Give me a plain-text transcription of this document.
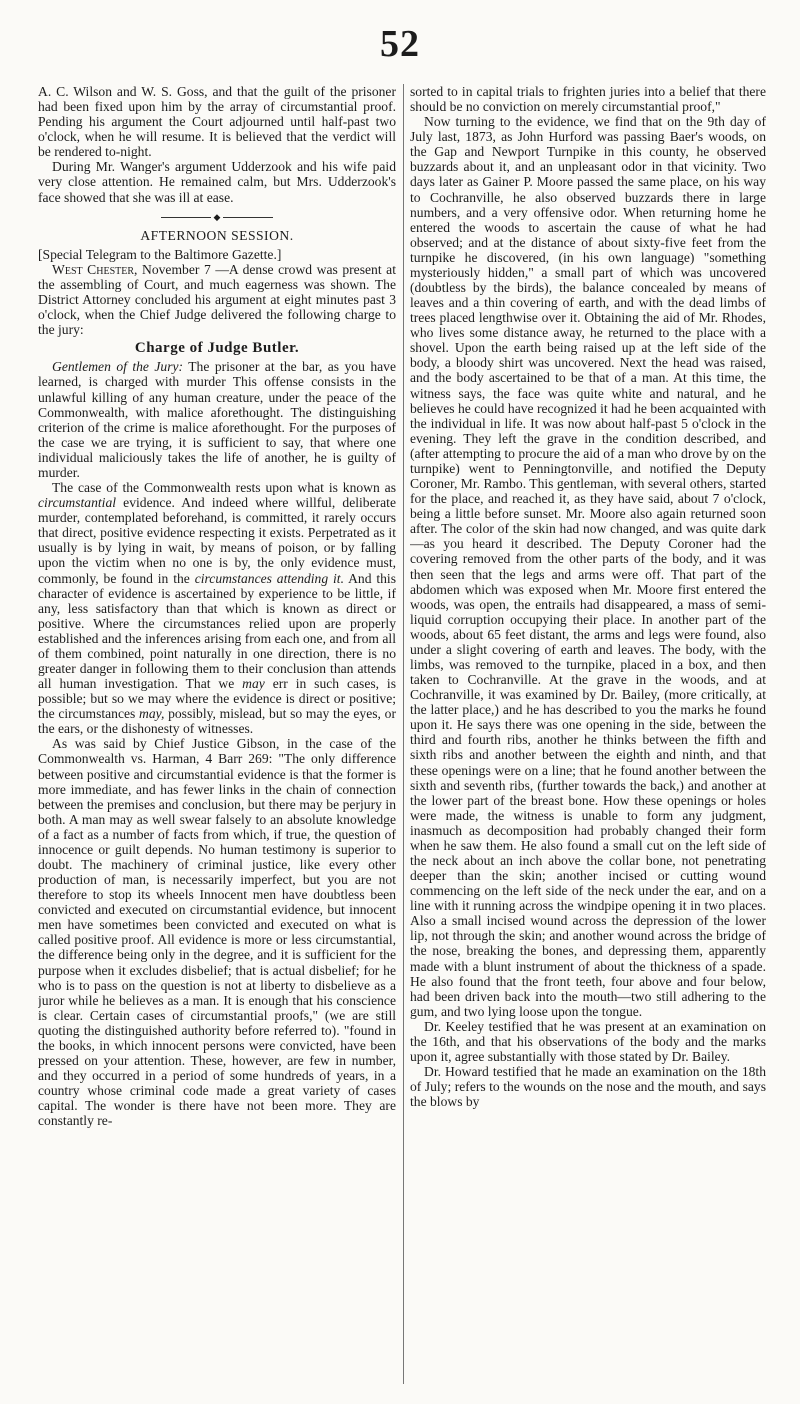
52

A. C. Wilson and W. S. Goss, and that the guilt of the prisoner had been fixed upon him by the array of circumstantial proof. Pending his argument the Court adjourned until half-past two o'clock, when he will resume. It is believed that the verdict will be rendered to-night.

During Mr. Wanger's argument Udderzook and his wife paid very close attention. He remained calm, but Mrs. Udderzook's face showed that she was ill at ease.

◆
AFTERNOON SESSION.

[Special Telegram to the Baltimore Gazette.]

West Chester, November 7 —A dense crowd was present at the assembling of Court, and much eagerness was shown. The District Attorney concluded his argument at eight minutes past 3 o'clock, when the Chief Judge delivered the following charge to the jury:

Charge of Judge Butler.

Gentlemen of the Jury: The prisoner at the bar, as you have learned, is charged with murder This offense consists in the unlawful killing of any human creature, under the peace of the Commonwealth, with malice aforethought. The distinguishing criterion of the crime is malice aforethought. For the purposes of the case we are trying, it is sufficient to say, that where one individual maliciously takes the life of another, he is guilty of murder.

The case of the Commonwealth rests upon what is known as circumstantial evidence. And indeed where willful, deliberate murder, contemplated beforehand, is committed, it rarely occurs that direct, positive evidence respecting it exists. Perpetrated as it usually is by lying in wait, by means of poison, or by falling upon the victim when no one is by, the only evidence must, commonly, be found in the circumstances attending it. And this character of evidence is ascertained by experience to be little, if any, less satisfactory than that which is known as direct or positive. Where the circumstances relied upon are properly established and the inferences arising from each one, and from all of them combined, point naturally in one direction, there is no greater danger in following them to their conclusion than attends all human investigation. That we may err in such cases, is possible; but so we may where the evidence is direct or positive; the circumstances may, possibly, mislead, but so may the eyes, or the ears, or the dishonesty of witnesses.

As was said by Chief Justice Gibson, in the case of the Commonwealth vs. Harman, 4 Barr 269: "The only difference between positive and circumstantial evidence is that the former is more immediate, and has fewer links in the chain of connection between the premises and conclusion, but there may be perjury in both. A man may as well swear falsely to an absolute knowledge of a fact as a number of facts from which, if true, the question of innocence or guilt depends. No human testimony is superior to doubt. The machinery of criminal justice, like every other production of man, is necessarily imperfect, but you are not therefore to stop its wheels Innocent men have doubtless been convicted and executed on circumstantial evidence, but innocent men have sometimes been convicted and executed on what is called positive proof. All evidence is more or less circumstantial, the difference being only in the degree, and it is sufficient for the purpose when it excludes disbelief; that is actual disbelief; for he who is to pass on the question is not at liberty to disbelieve as a juror while he believes as a man. It is enough that his conscience is clear. Certain cases of circumstantial proofs," (we are still quoting the distinguished authority before referred to). "found in the books, in which innocent persons were convicted, have been pressed on your attention. These, however, are few in number, and they occurred in a period of some hundreds of years, in a country whose criminal code made a great variety of cases capital. The wonder is there have not been more. They are constantly re-

sorted to in capital trials to frighten juries into a belief that there should be no conviction on merely circumstantial proof,"

Now turning to the evidence, we find that on the 9th day of July last, 1873, as John Hurford was passing Baer's woods, on the Gap and Newport Turnpike in this county, he observed buzzards about it, and an unpleasant odor in that vicinity. Two days later as Gainer P. Moore passed the same place, on his way to Cochranville, he also observed buzzards there in large numbers, and a very offensive odor. When returning home he entered the woods to ascertain the cause of what he had observed; and at the distance of about sixty-five feet from the turnpike he discovered, (in his own language) "something mysteriously hidden," a small part of which was uncovered (doubtless by the birds), the balance concealed by means of leaves and a thin covering of earth, and with the dead limbs of trees placed lengthwise over it. Obtaining the aid of Mr. Rhodes, who lives some distance away, he returned to the place with a shovel. Upon the earth being raised up at the left side of the body, a bloody shirt was uncovered. Next the head was raised, and the body ascertained to be that of a man. At this time, the witness says, the face was quite white and natural, and he believes he could have recognized it had he been acquainted with the individual in life. It was now about half-past 5 o'clock in the evening. They left the grave in the condition described, and (after attempting to procure the aid of a man who drove by on the turnpike) went to Penningtonville, and notified the Deputy Coroner, Mr. Rambo. This gentleman, with several others, started for the place, and reached it, as they have said, about 7 o'clock, being a little before sunset. Mr. Moore also again returned soon after. The color of the skin had now changed, and was quite dark—as you heard it described. The Deputy Coroner had the covering removed from the other parts of the body, and it was then seen that the legs and arms were off. That part of the abdomen which was exposed when Mr. Moore first entered the woods, was open, the entrails had disappeared, a mass of semi-liquid corruption occupying their place. In another part of the woods, about 65 feet distant, the arms and legs were found, also under a slight covering of earth and leaves. The body, with the limbs, was removed to the turnpike, placed in a box, and then taken to Cochranville. At the grave in the woods, and at Cochranville, it was examined by Dr. Bailey, (more critically, at the latter place,) and he has described to you the marks he found upon it. He says there was one opening in the side, between the third and fourth ribs, another he thinks between the fifth and sixth ribs and another between the eighth and ninth, and that these openings were on a line; that he found another between the sixth and seventh ribs, (further towards the back,) and another at the lower part of the breast bone. How these openings or holes were made, the witness is unable to form any judgment, inasmuch as decomposition had probably changed their form when he saw them. He also found a small cut on the left side of the neck about an inch above the collar bone, not penetrating deeper than the skin; another incised or cutting wound commencing on the left side of the neck under the ear, and on a line with it running across the windpipe opening it in two places. Also a small incised wound across the depression of the lower lip, not through the skin; and another wound across the bridge of the nose, breaking the bones, and depressing them, apparently made with a blunt instrument of about the thickness of a spade. He also found that the front teeth, four above and four below, had been driven back into the mouth—two still adhering to the gum, and two lying loose upon the tongue.

Dr. Keeley testified that he was present at an examination on the 16th, and that his observations of the body and the marks upon it, agree substantially with those stated by Dr. Bailey.

Dr. Howard testified that he made an examination on the 18th of July; refers to the wounds on the nose and the mouth, and says the blows by
